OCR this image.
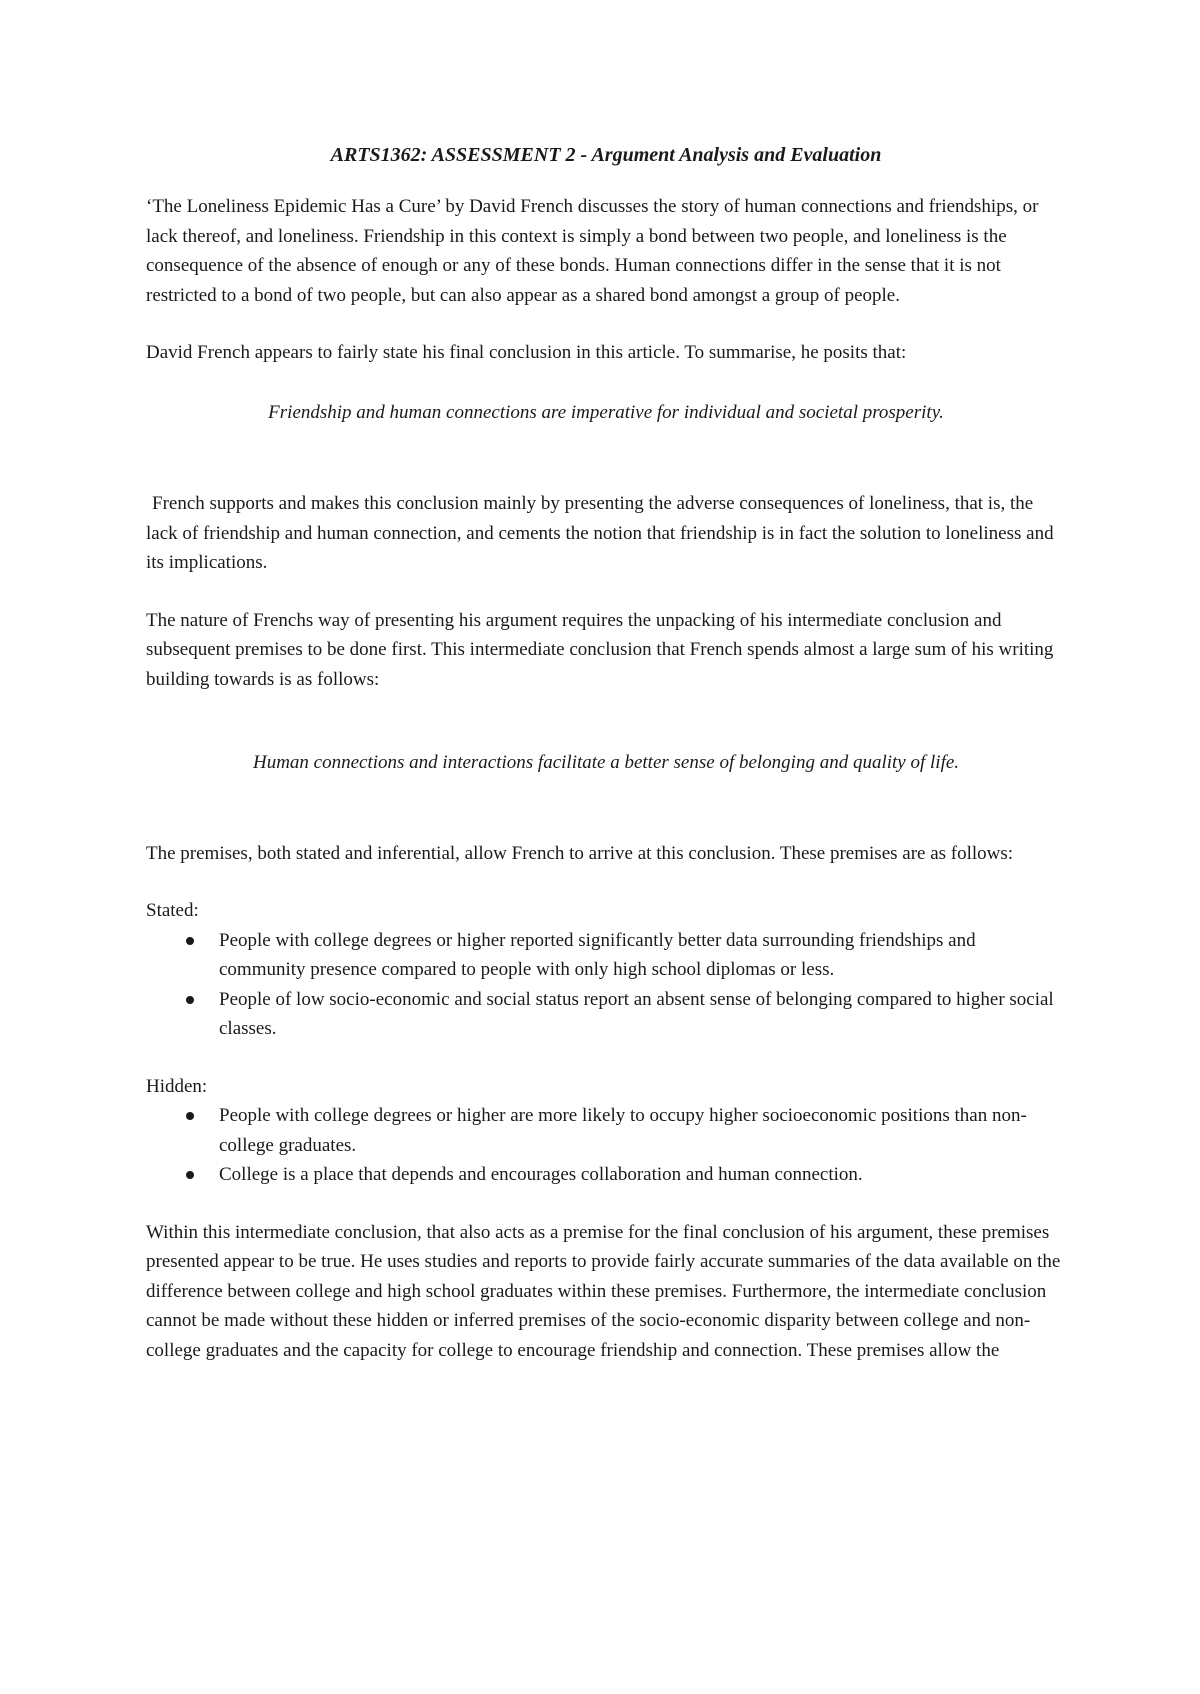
ARTS1362: ASSESSMENT 2 - Argument Analysis and Evaluation

‘The Loneliness Epidemic Has a Cure’ by David French discusses the story of human connections and friendships, or lack thereof, and loneliness. Friendship in this context is simply a bond between two people, and loneliness is the consequence of the absence of enough or any of these bonds. Human connections differ in the sense that it is not restricted to a bond of two people, but can also appear as a shared bond amongst a group of people.

David French appears to fairly state his final conclusion in this article. To summarise, he posits that:

Friendship and human connections are imperative for individual and societal prosperity.

French supports and makes this conclusion mainly by presenting the adverse consequences of loneliness, that is, the lack of friendship and human connection, and cements the notion that friendship is in fact the solution to loneliness and its implications.

The nature of Frenchs way of presenting his argument requires the unpacking of his intermediate conclusion and subsequent premises to be done first. This intermediate conclusion that French spends almost a large sum of his writing building towards is as follows:

Human connections and interactions facilitate a better sense of belonging and quality of life.

The premises, both stated and inferential, allow French to arrive at this conclusion. These premises are as follows:

Stated:

People with college degrees or higher reported significantly better data surrounding friendships and community presence compared to people with only high school diplomas or less.
People of low socio-economic and social status report an absent sense of belonging compared to higher social classes.

Hidden:

People with college degrees or higher are more likely to occupy higher socioeconomic positions than non-college graduates.
College is a place that depends and encourages collaboration and human connection.

Within this intermediate conclusion, that also acts as a premise for the final conclusion of his argument, these premises presented appear to be true. He uses studies and reports to provide fairly accurate summaries of the data available on the difference between college and high school graduates within these premises. Furthermore, the intermediate conclusion cannot be made without these hidden or inferred premises of the socio-economic disparity between college and non-college graduates and the capacity for college to encourage friendship and connection. These premises allow the
